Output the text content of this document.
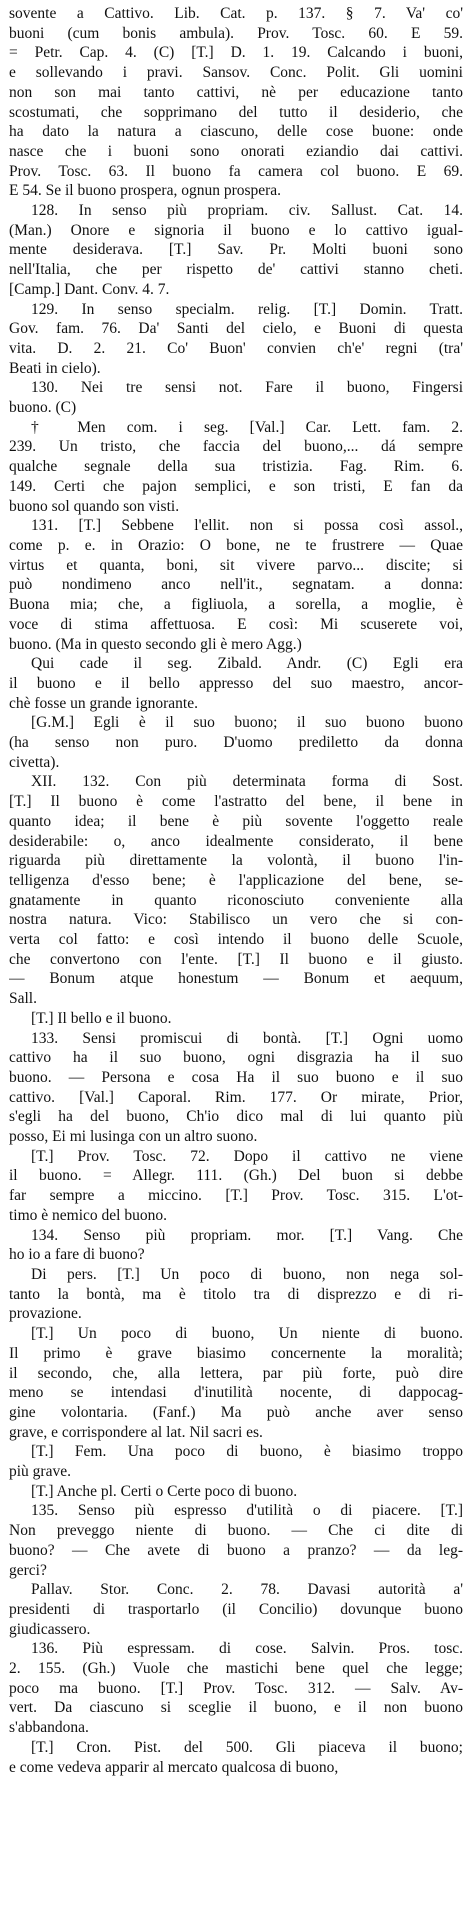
sovente a Cattivo. Lib. Cat. p. 137. § 7. Va' co'
buoni (cum bonis ambula). Prov. Tosc. 60. E 59.
= Petr. Cap. 4. (C) [T.] D. 1. 19. Calcando i buoni,
e sollevando i pravi. Sansov. Conc. Polit. Gli uomini
non son mai tanto cattivi, nè per educazione tanto
scostumati, che sopprimano del tutto il desiderio, che
ha dato la natura a ciascuno, delle cose buone: onde
nasce che i buoni sono onorati eziandio dai cattivi.
Prov. Tosc. 63. Il buono fa camera col buono. E 69.
E 54. Se il buono prospera, ognun prospera.
128. In senso più propriam. civ. Sallust. Cat. 14.
(Man.) Onore e signoria il buono e lo cattivo igual-
mente desiderava. [T.] Sav. Pr. Molti buoni sono
nell'Italia, che per rispetto de' cattivi stanno cheti.
[Camp.] Dant. Conv. 4. 7.
129. In senso specialm. relig. [T.] Domin. Tratt.
Gov. fam. 76. Da' Santi del cielo, e Buoni di questa
vita. D. 2. 21. Co' Buon' convien ch'e' regni (tra'
Beati in cielo).
130. Nei tre sensi not. Fare il buono, Fingersi
buono. (C)
† Men com. i seg. [Val.] Car. Lett. fam. 2.
239. Un tristo, che faccia del buono,... dá sempre
qualche segnale della sua tristizia. Fag. Rim. 6.
149. Certi che pajon semplici, e son tristi, E fan da
buono sol quando son visti.
131. [T.] Sebbene l'ellit. non si possa così assol.,
come p. e. in Orazio: O bone, ne te frustrere — Quae
virtus et quanta, boni, sit vivere parvo... discite; si
può nondimeno anco nell'it., segnatam. a donna:
Buona mia; che, a figliuola, a sorella, a moglie, è
voce di stima affettuosa. E così: Mi scuserete voi,
buono. (Ma in questo secondo gli è mero Agg.)
Qui cade il seg. Zibald. Andr. (C) Egli era
il buono e il bello appresso del suo maestro, ancor-
chè fosse un grande ignorante.
[G.M.] Egli è il suo buono; il suo buono buono
(ha senso non puro. D'uomo prediletto da donna
civetta).
XII. 132. Con più determinata forma di Sost.
[T.] Il buono è come l'astratto del bene, il bene in
quanto idea; il bene è più sovente l'oggetto reale
desiderabile: o, anco idealmente considerato, il bene
riguarda più direttamente la volontà, il buono l'in-
telligenza d'esso bene; è l'applicazione del bene, se-
gnatamente in quanto riconosciuto conveniente alla
nostra natura. Vico: Stabilisco un vero che si con-
verta col fatto: e così intendo il buono delle Scuole,
che convertono con l'ente. [T.] Il buono e il giusto.
— Bonum atque honestum — Bonum et aequum,
Sall.
[T.] Il bello e il buono.
133. Sensi promiscui di bontà. [T.] Ogni uomo
cattivo ha il suo buono, ogni disgrazia ha il suo
buono. — Persona e cosa Ha il suo buono e il suo
cattivo. [Val.] Caporal. Rim. 177. Or mirate, Prior,
s'egli ha del buono, Ch'io dico mal di lui quanto più
posso, Ei mi lusinga con un altro suono.
[T.] Prov. Tosc. 72. Dopo il cattivo ne viene
il buono. = Allegr. 111. (Gh.) Del buon si debbe
far sempre a miccino. [T.] Prov. Tosc. 315. L'ot-
timo è nemico del buono.
134. Senso più propriam. mor. [T.] Vang. Che
ho io a fare di buono?
Di pers. [T.] Un poco di buono, non nega sol-
tanto la bontà, ma è titolo tra di disprezzo e di ri-
provazione.
[T.] Un poco di buono, Un niente di buono.
Il primo è grave biasimo concernente la moralità;
il secondo, che, alla lettera, par più forte, può dire
meno se intendasi d'inutilità nocente, di dappocag-
gine volontaria. (Fanf.) Ma può anche aver senso
grave, e corrispondere al lat. Nil sacri es.
[T.] Fem. Una poco di buono, è biasimo troppo
più grave.
[T.] Anche pl. Certi o Certe poco di buono.
135. Senso più espresso d'utilità o di piacere. [T.]
Non preveggo niente di buono. — Che ci dite di
buono? — Che avete di buono a pranzo? — da leg-
gerci?
Pallav. Stor. Conc. 2. 78. Davasi autorità a'
presidenti di trasportarlo (il Concilio) dovunque buono
giudicassero.
136. Più espressam. di cose. Salvin. Pros. tosc.
2. 155. (Gh.) Vuole che mastichi bene quel che legge;
poco ma buono. [T.] Prov. Tosc. 312. — Salv. Av-
vert. Da ciascuno si sceglie il buono, e il non buono
s'abbandona.
[T.] Cron. Pist. del 500. Gli piaceva il buono;
e come vedeva apparir al mercato qualcosa di buono,
